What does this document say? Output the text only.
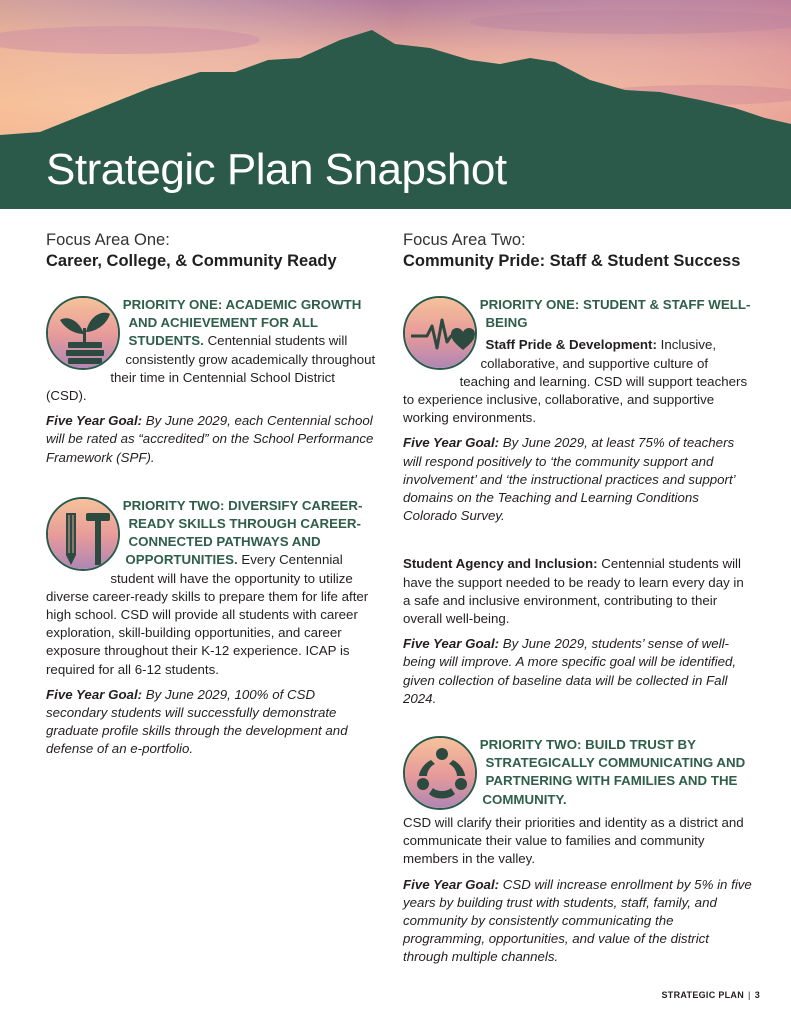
Strategic Plan Snapshot
Focus Area One:
Career, College, & Community Ready

PRIORITY ONE: ACADEMIC GROWTH AND ACHIEVEMENT FOR ALL STUDENTS. Centennial students will consistently grow academically throughout their time in Centennial School District (CSD).

Five Year Goal: By June 2029, each Centennial school will be rated as “accredited” on the School Performance Framework (SPF).

PRIORITY TWO: DIVERSIFY CAREER-READY SKILLS THROUGH CAREER-CONNECTED PATHWAYS AND OPPORTUNITIES. Every Centennial student will have the opportunity to utilize diverse career-ready skills to prepare them for life after high school. CSD will provide all students with career exploration, skill-building opportunities, and career exposure throughout their K-12 experience. ICAP is required for all 6-12 students.

Five Year Goal: By June 2029, 100% of CSD secondary students will successfully demonstrate graduate profile skills through the development and defense of an e-portfolio.

Focus Area Two:
Community Pride: Staff & Student Success

PRIORITY ONE: STUDENT & STAFF WELL-BEING

Staff Pride & Development: Inclusive, collaborative, and supportive culture of teaching and learning. CSD will support teachers to experience inclusive, collaborative, and supportive working environments.

Five Year Goal: By June 2029, at least 75% of teachers will respond positively to ‘the community support and involvement’ and ‘the instructional practices and support’ domains on the Teaching and Learning Conditions Colorado Survey.

Student Agency and Inclusion: Centennial students will have the support needed to be ready to learn every day in a safe and inclusive environment, contributing to their overall well-being.

Five Year Goal: By June 2029, students’ sense of well-being will improve. A more specific goal will be identified, given collection of baseline data will be collected in Fall 2024.

PRIORITY TWO: BUILD TRUST BY STRATEGICALLY COMMUNICATING AND PARTNERING WITH FAMILIES AND THE COMMUNITY.

CSD will clarify their priorities and identity as a district and communicate their value to families and community members in the valley.

Five Year Goal: CSD will increase enrollment by 5% in five years by building trust with students, staff, family, and community by consistently communicating the programming, opportunities, and value of the district through multiple channels.

STRATEGIC PLAN | 3
